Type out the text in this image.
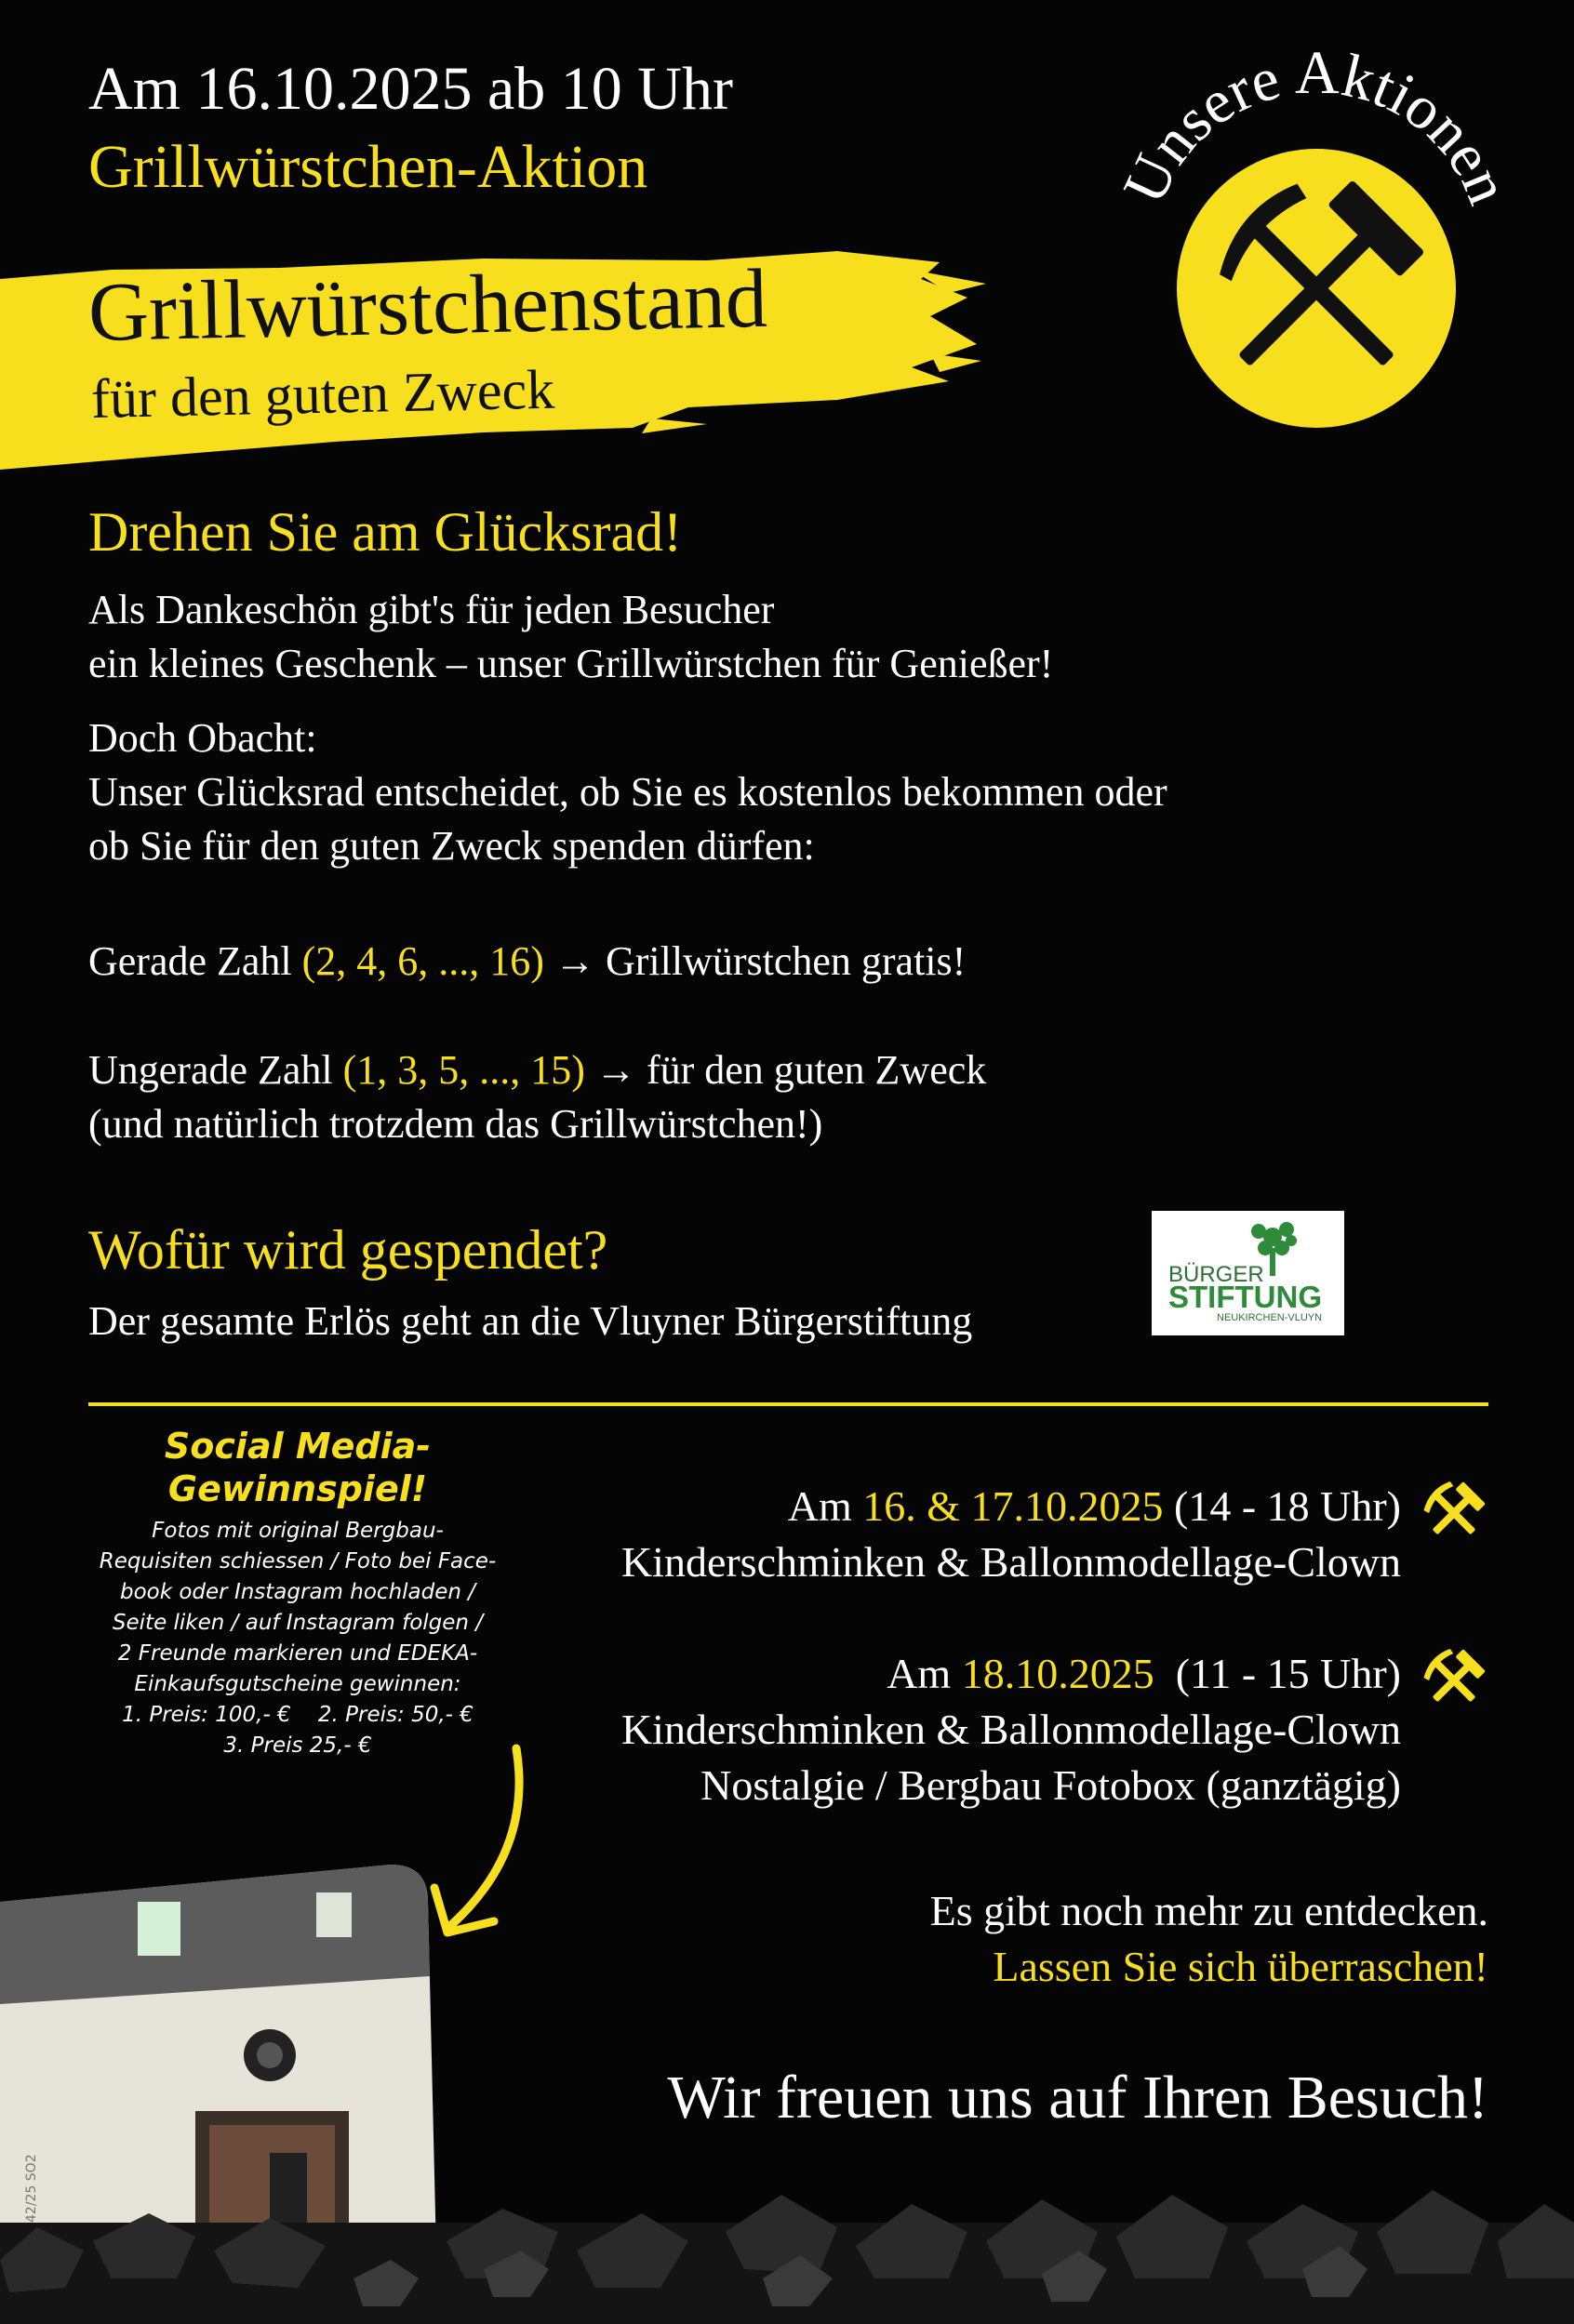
Am 16.10.2025 ab 10 Uhr
Grillwürstchen-Aktion
Grillwürstchenstand
für den guten Zweck
Unsere Aktionen
Drehen Sie am Glücksrad!
Als Dankeschön gibt's für jeden Besucher
ein kleines Geschenk – unser Grillwürstchen für Genießer!
Doch Obacht:
Unser Glücksrad entscheidet, ob Sie es kostenlos bekommen oder
ob Sie für den guten Zweck spenden dürfen:
Gerade Zahl (2, 4, 6, ..., 16) → Grillwürstchen gratis!
Ungerade Zahl (1, 3, 5, ..., 15) → für den guten Zweck
(und natürlich trotzdem das Grillwürstchen!)
Wofür wird gespendet?
Der gesamte Erlös geht an die Vluyner Bürgerstiftung
BÜRGER
STIFTUNG
NEUKIRCHEN-VLUYN
Social Media-
Gewinnspiel!
Fotos mit original Bergbau-
Requisiten schiessen / Foto bei Face-
book oder Instagram hochladen /
Seite liken / auf Instagram folgen /
2 Freunde markieren und EDEKA-
Einkaufsgutscheine gewinnen:
1. Preis: 100,- €    2. Preis: 50,- €
3. Preis 25,- €
Am 16. & 17.10.2025 (14 - 18 Uhr)
Kinderschminken & Ballonmodellage-Clown
Am 18.10.2025  (11 - 15 Uhr)
Kinderschminken & Ballonmodellage-Clown
Nostalgie / Bergbau Fotobox (ganztägig)
Es gibt noch mehr zu entdecken.
Lassen Sie sich überraschen!
Wir freuen uns auf Ihren Besuch!
42/25 SO2
